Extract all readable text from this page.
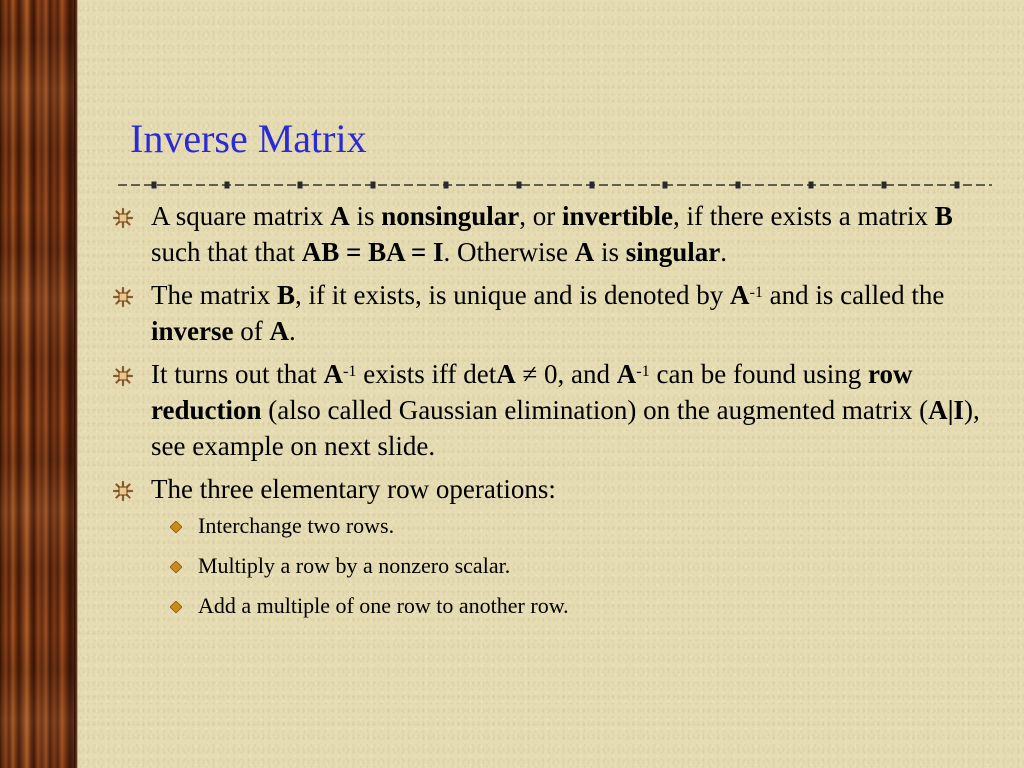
Inverse Matrix
A square matrix A is nonsingular, or invertible, if there exists a matrix B such that that AB = BA = I. Otherwise A is singular.
The matrix B, if it exists, is unique and is denoted by $A^{-1}$ and is called the inverse of A.
It turns out that $A^{-1}$ exists iff detA ≠ 0, and $A^{-1}$ can be found using row reduction (also called Gaussian elimination) on the augmented matrix (A|I), see example on next slide.
The three elementary row operations:
Interchange two rows.
Multiply a row by a nonzero scalar.
Add a multiple of one row to another row.
